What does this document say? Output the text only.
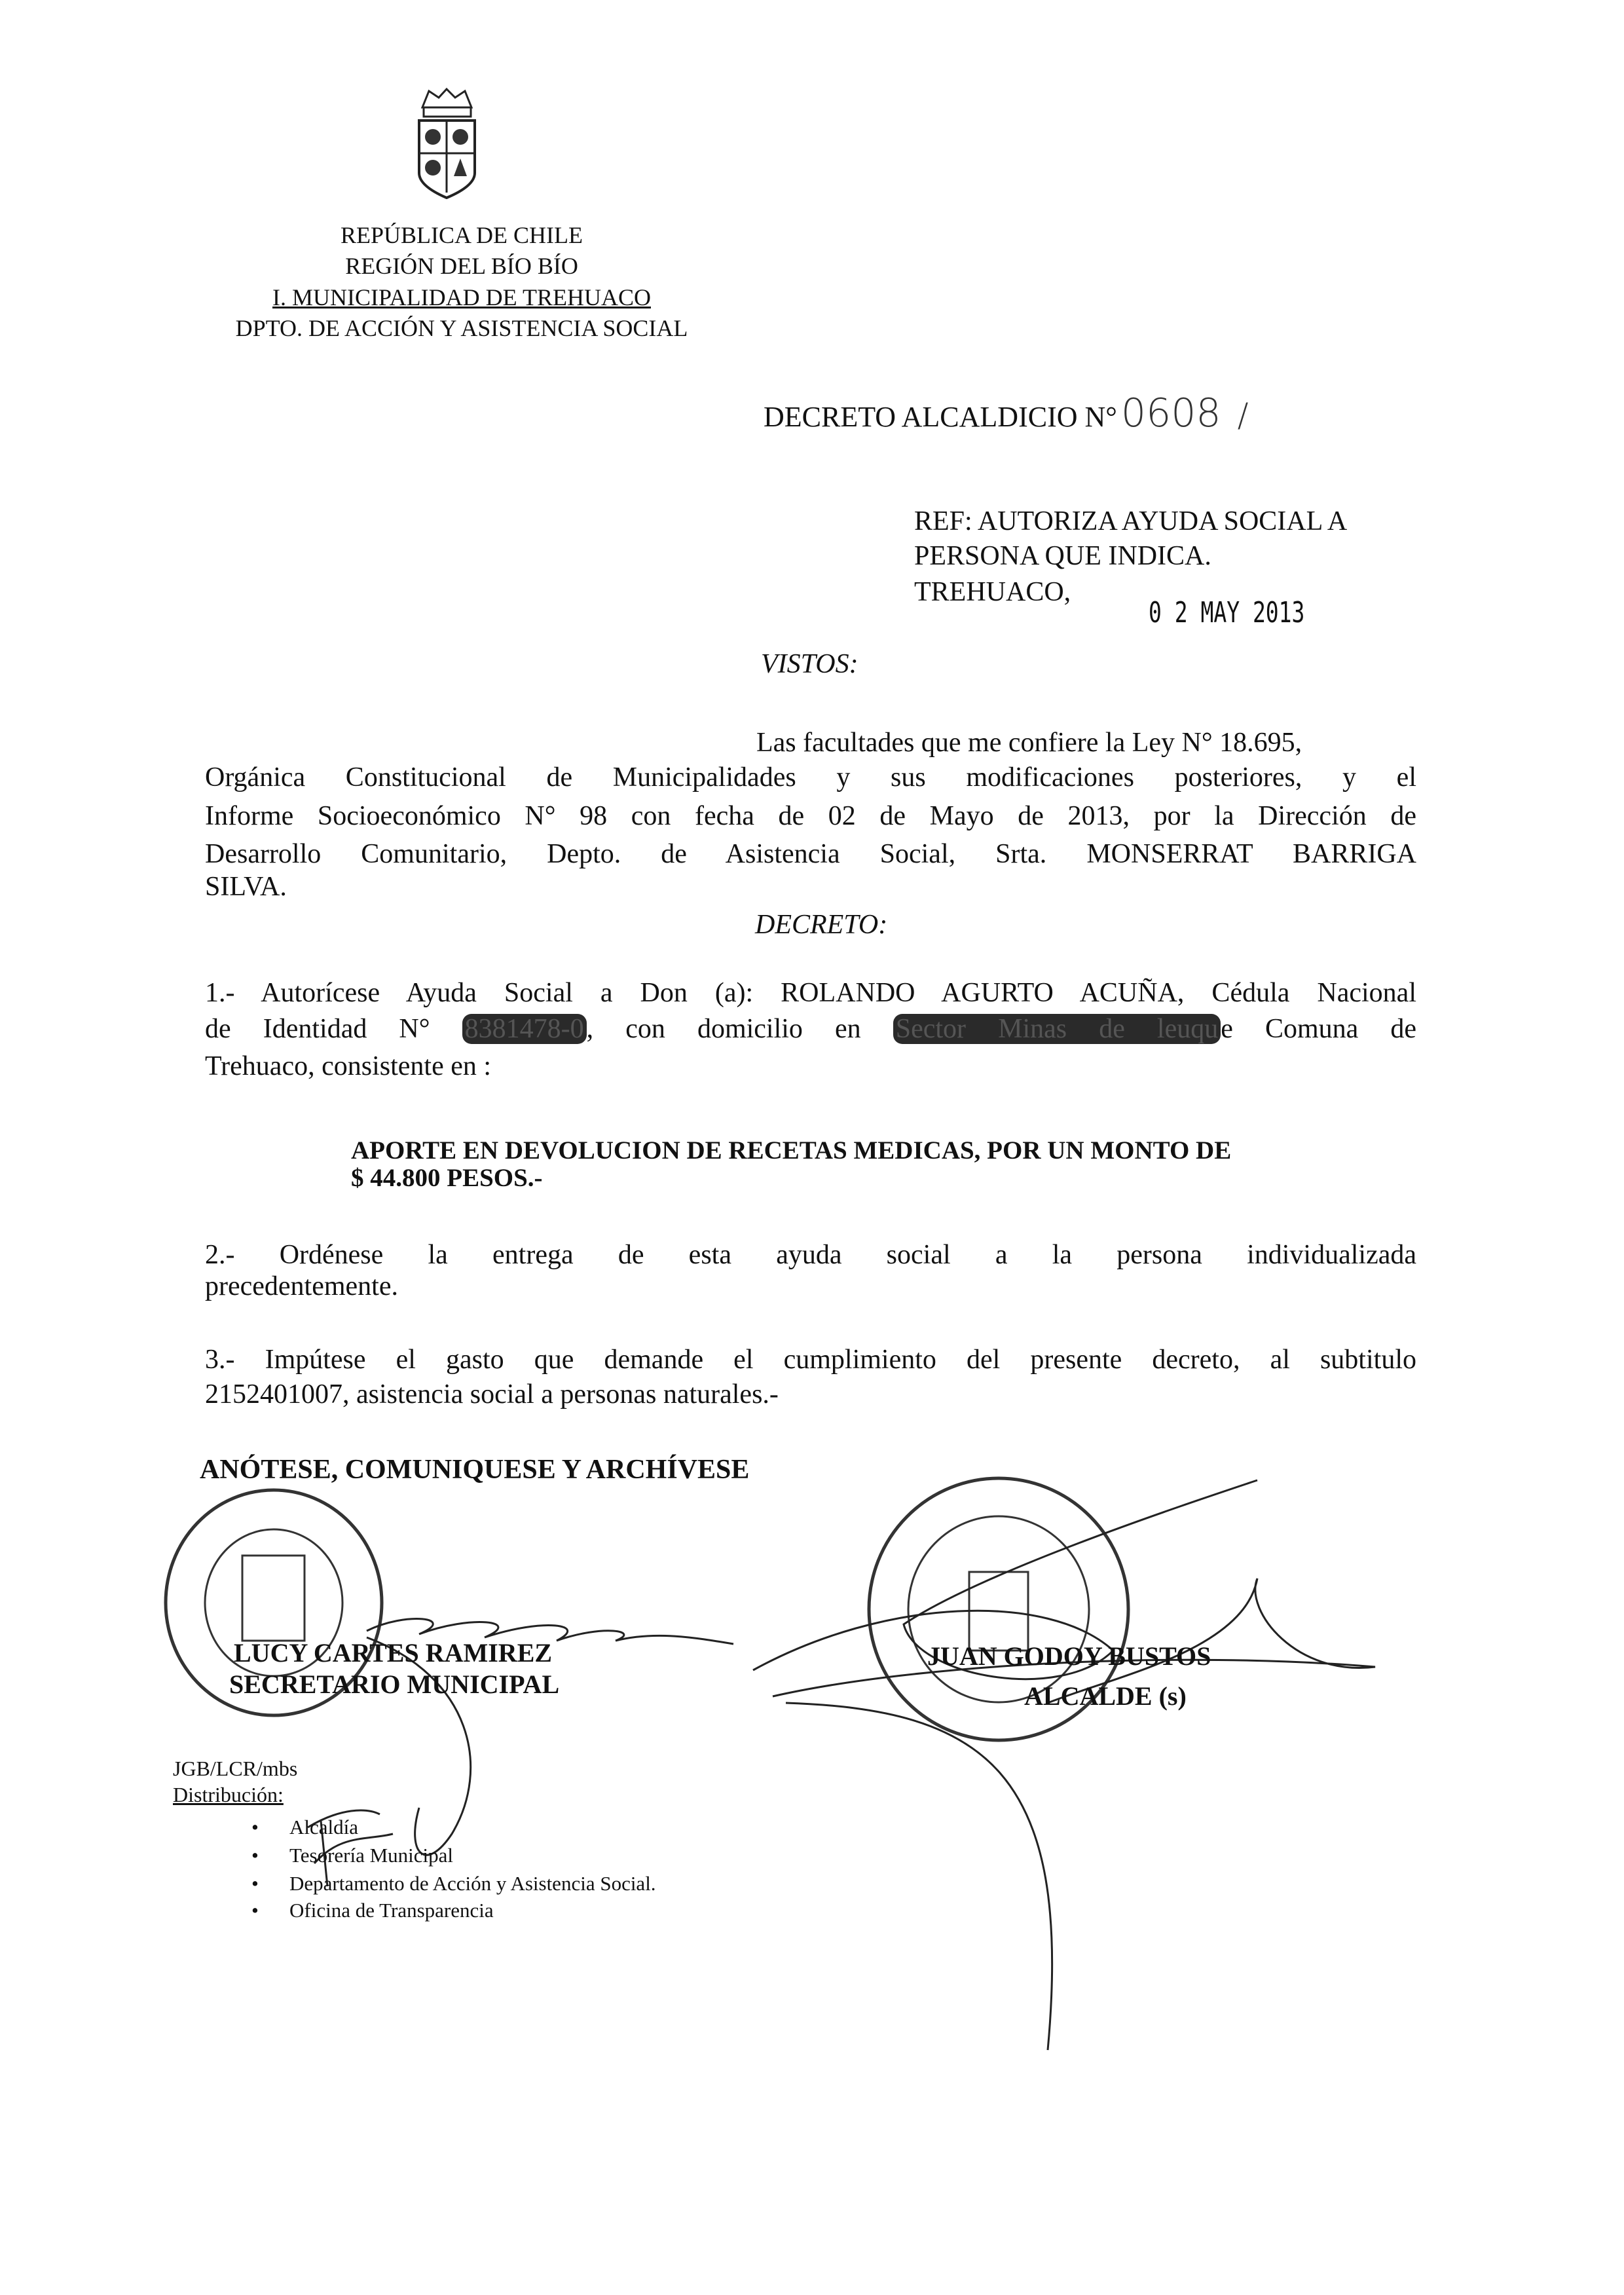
REPÚBLICA DE CHILE
REGIÓN DEL BÍO BÍO
I. MUNICIPALIDAD DE TREHUACO
DPTO. DE ACCIÓN Y ASISTENCIA SOCIAL
DECRETO ALCALDICIO N° 0608 /
REF: AUTORIZA AYUDA SOCIAL A
PERSONA QUE INDICA.
TREHUACO,
0 2 MAY 2013
VISTOS:
Las facultades que me confiere la Ley N° 18.695,
Orgánica Constitucional de Municipalidades y sus modificaciones posteriores, y el
Informe Socioeconómico N° 98 con fecha de 02 de Mayo de 2013, por la Dirección de
Desarrollo Comunitario, Depto. de Asistencia Social, Srta. MONSERRAT BARRIGA
SILVA.
DECRETO:
1.- Autorícese Ayuda Social a Don (a): ROLANDO AGURTO ACUÑA, Cédula Nacional
de Identidad N° 8381478-0, con domicilio en Sector Minas de leuque Comuna de
Trehuaco, consistente en :
APORTE EN DEVOLUCION DE RECETAS MEDICAS, POR UN MONTO DE
$ 44.800 PESOS.-
2.- Ordénese la entrega de esta ayuda social a la persona individualizada
precedentemente.
3.- Impútese el gasto que demande el cumplimiento del presente decreto, al subtitulo
2152401007, asistencia social a personas naturales.-
ANÓTESE, COMUNIQUESE Y ARCHÍVESE
LUCY CARTES RAMIREZ
SECRETARIO MUNICIPAL
JUAN GODOY BUSTOS
ALCALDE (s)
JGB/LCR/mbs
Distribución:
• Alcaldía
• Tesorería Municipal
• Departamento de Acción y Asistencia Social.
• Oficina de Transparencia
